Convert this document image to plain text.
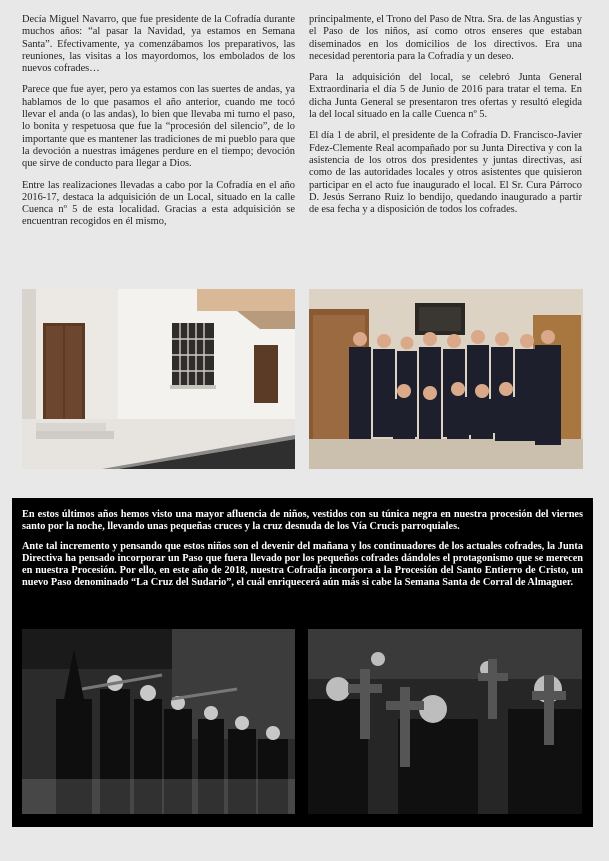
Decía Miguel Navarro, que fue presidente de la Cofradía durante muchos años: “al pasar la Navidad, ya estamos en Semana Santa”. Efectivamente, ya comenzábamos los preparativos, las reuniones, las visitas a los mayordomos, los embolados de los nuevos cofrades…

Parece que fue ayer, pero ya estamos con las suertes de andas, ya hablamos de lo que pasamos el año anterior, cuando me tocó llevar el anda (o las andas), lo bien que llevaba mi turno el paso, lo bonita y respetuosa que fue la “procesión del silencio”, de lo importante que es mantener las tradiciones de mi pueblo para que la devoción a nuestras imágenes perdure en el tiempo; devoción que sirve de conducto para llegar a Dios.

Entre las realizaciones llevadas a cabo por la Cofradía en el año 2016-17, destaca la adquisición de un Local, situado en la calle Cuenca nº 5 de esta localidad. Gracias a esta adquisición se encuentran recogidos en él mismo,

principalmente, el Trono del Paso de Ntra. Sra. de las Angustias y el Paso de los niños, así como otros enseres que estaban diseminados en los domicilios de los directivos. Era una necesidad perentoria para la Cofradía y un deseo.

Para la adquisición del local, se celebró Junta General Extraordinaria el día 5 de Junio de 2016 para tratar el tema. En dicha Junta General se presentaron tres ofertas y resultó elegida la del local situado en la calle Cuenca nº 5.

El día 1 de abril, el presidente de la Cofradía D. Francisco-Javier Fdez-Clemente Real acompañado por su Junta Directiva y con la asistencia de los otros dos presidentes y juntas directivas, así como de las autoridades locales y otros asistentes que quisieron participar en el acto fue inaugurado el local. El Sr. Cura Párroco D. Jesús Serrano Ruiz lo bendijo, quedando inaugurado a partir de esa fecha y a disposición de todos los cofrades.

En estos últimos años hemos visto una mayor afluencia de niños, vestidos con su túnica negra en nuestra procesión del viernes santo por la noche, llevando unas pequeñas cruces y la cruz desnuda de los Vía Crucis parroquiales.

Ante tal incremento y pensando que estos niños son el devenir del mañana y los continuadores de los actuales cofrades, la Junta Directiva ha pensado incorporar un Paso que fuera llevado por los pequeños cofrades dándoles el protagonismo que se merecen en nuestra Procesión. Por ello, en este año de 2018, nuestra Cofradía incorpora a la Procesión del Santo Entierro de Cristo, un nuevo Paso denominado “La Cruz del Sudario”, el cuál enriquecerá aún más si cabe la Semana Santa de Corral de Almaguer.
